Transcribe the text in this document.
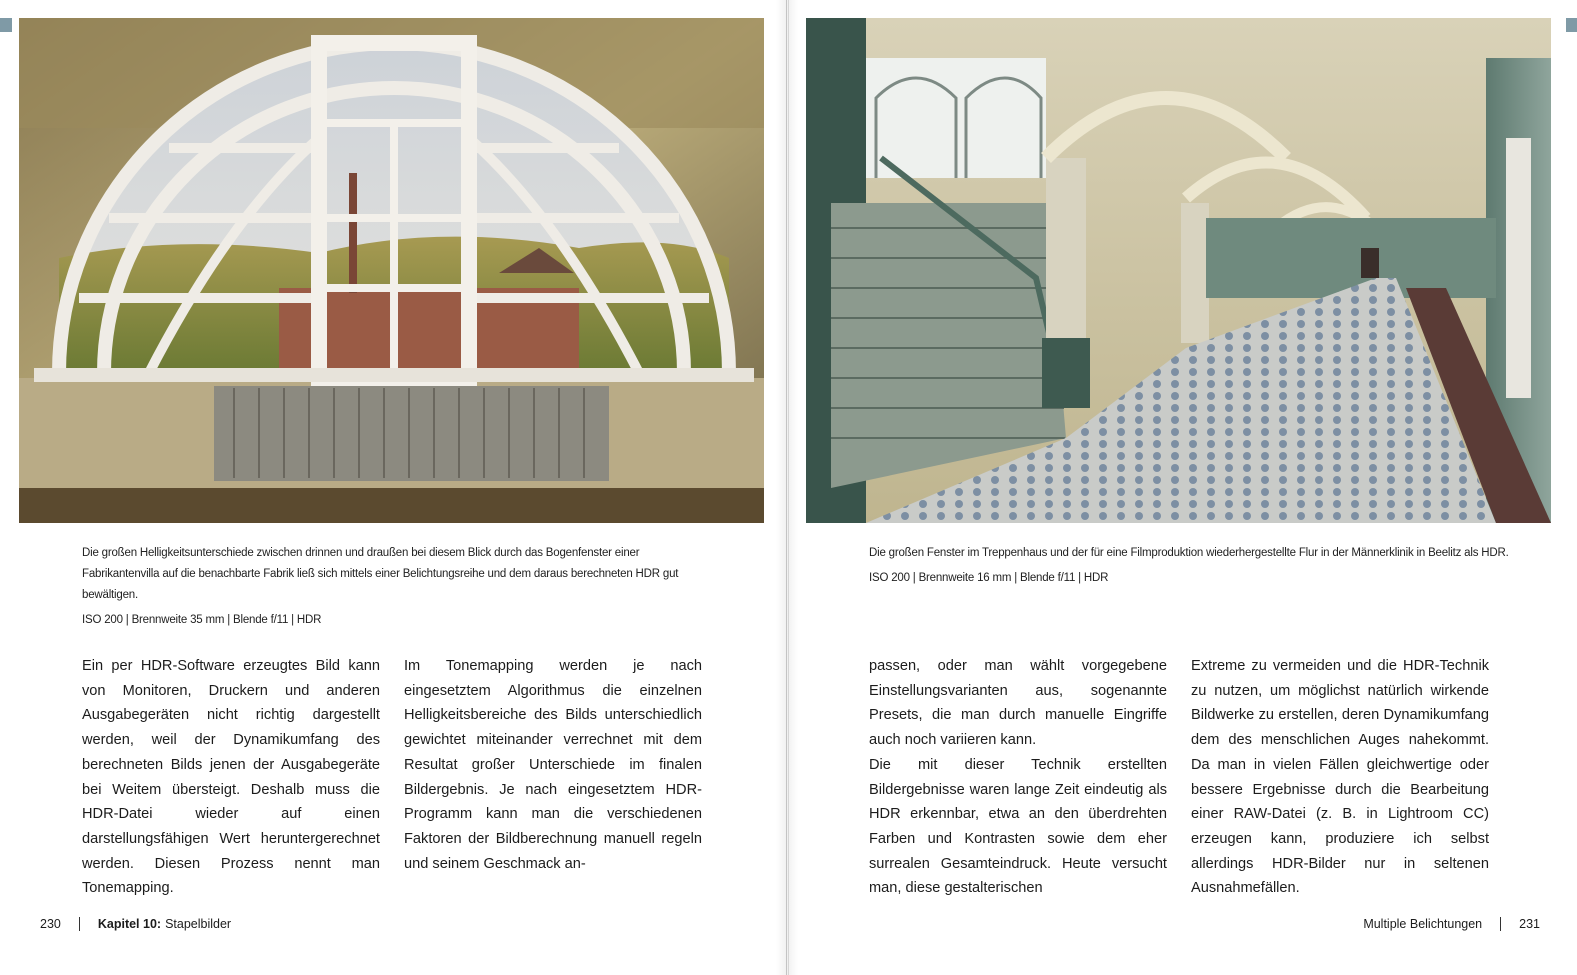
Die großen Helligkeitsunterschiede zwischen drinnen und draußen bei diesem Blick durch das Bogenfenster einer Fabrikantenvilla auf die benachbarte Fabrik ließ sich mittels einer Belichtungsreihe und dem daraus berechneten HDR gut bewältigen.

ISO 200 | Brennweite 35 mm | Blende f/11 | HDR

Ein per HDR-Software erzeugtes Bild kann von Monitoren, Druckern und anderen Ausgabegeräten nicht richtig dargestellt werden, weil der Dynamikumfang des berechneten Bilds jenen der Ausgabegeräte bei Weitem übersteigt. Deshalb muss die HDR-Datei wieder auf einen darstellungsfähigen Wert heruntergerechnet werden. Diesen Prozess nennt man Tonemapping.

Im Tonemapping werden je nach eingesetztem Algorithmus die einzelnen Helligkeitsbereiche des Bilds unterschiedlich gewichtet miteinander verrechnet mit dem Resultat großer Unterschiede im finalen Bildergebnis. Je nach eingesetztem HDR-Programm kann man die verschiedenen Faktoren der Bildberechnung manuell regeln und seinem Geschmack an-

230	Kapitel 10: Stapelbilder

Die großen Fenster im Treppenhaus und der für eine Filmproduktion wiederhergestellte Flur in der Männerklinik in Beelitz als HDR.

ISO 200 | Brennweite 16 mm | Blende f/11 | HDR

passen, oder man wählt vorgegebene Einstellungsvarianten aus, sogenannte Presets, die man durch manuelle Eingriffe auch noch variieren kann.

Die mit dieser Technik erstellten Bildergebnisse waren lange Zeit eindeutig als HDR erkennbar, etwa an den überdrehten Farben und Kontrasten sowie dem eher surrealen Gesamteindruck. Heute versucht man, diese gestalterischen

Extreme zu vermeiden und die HDR-Technik zu nutzen, um möglichst natürlich wirkende Bildwerke zu erstellen, deren Dynamikumfang dem des menschlichen Auges nahekommt. Da man in vielen Fällen gleichwertige oder bessere Ergebnisse durch die Bearbeitung einer RAW-Datei (z. B. in Lightroom CC) erzeugen kann, produziere ich selbst allerdings HDR-Bilder nur in seltenen Ausnahmefällen.

Multiple Belichtungen	231
